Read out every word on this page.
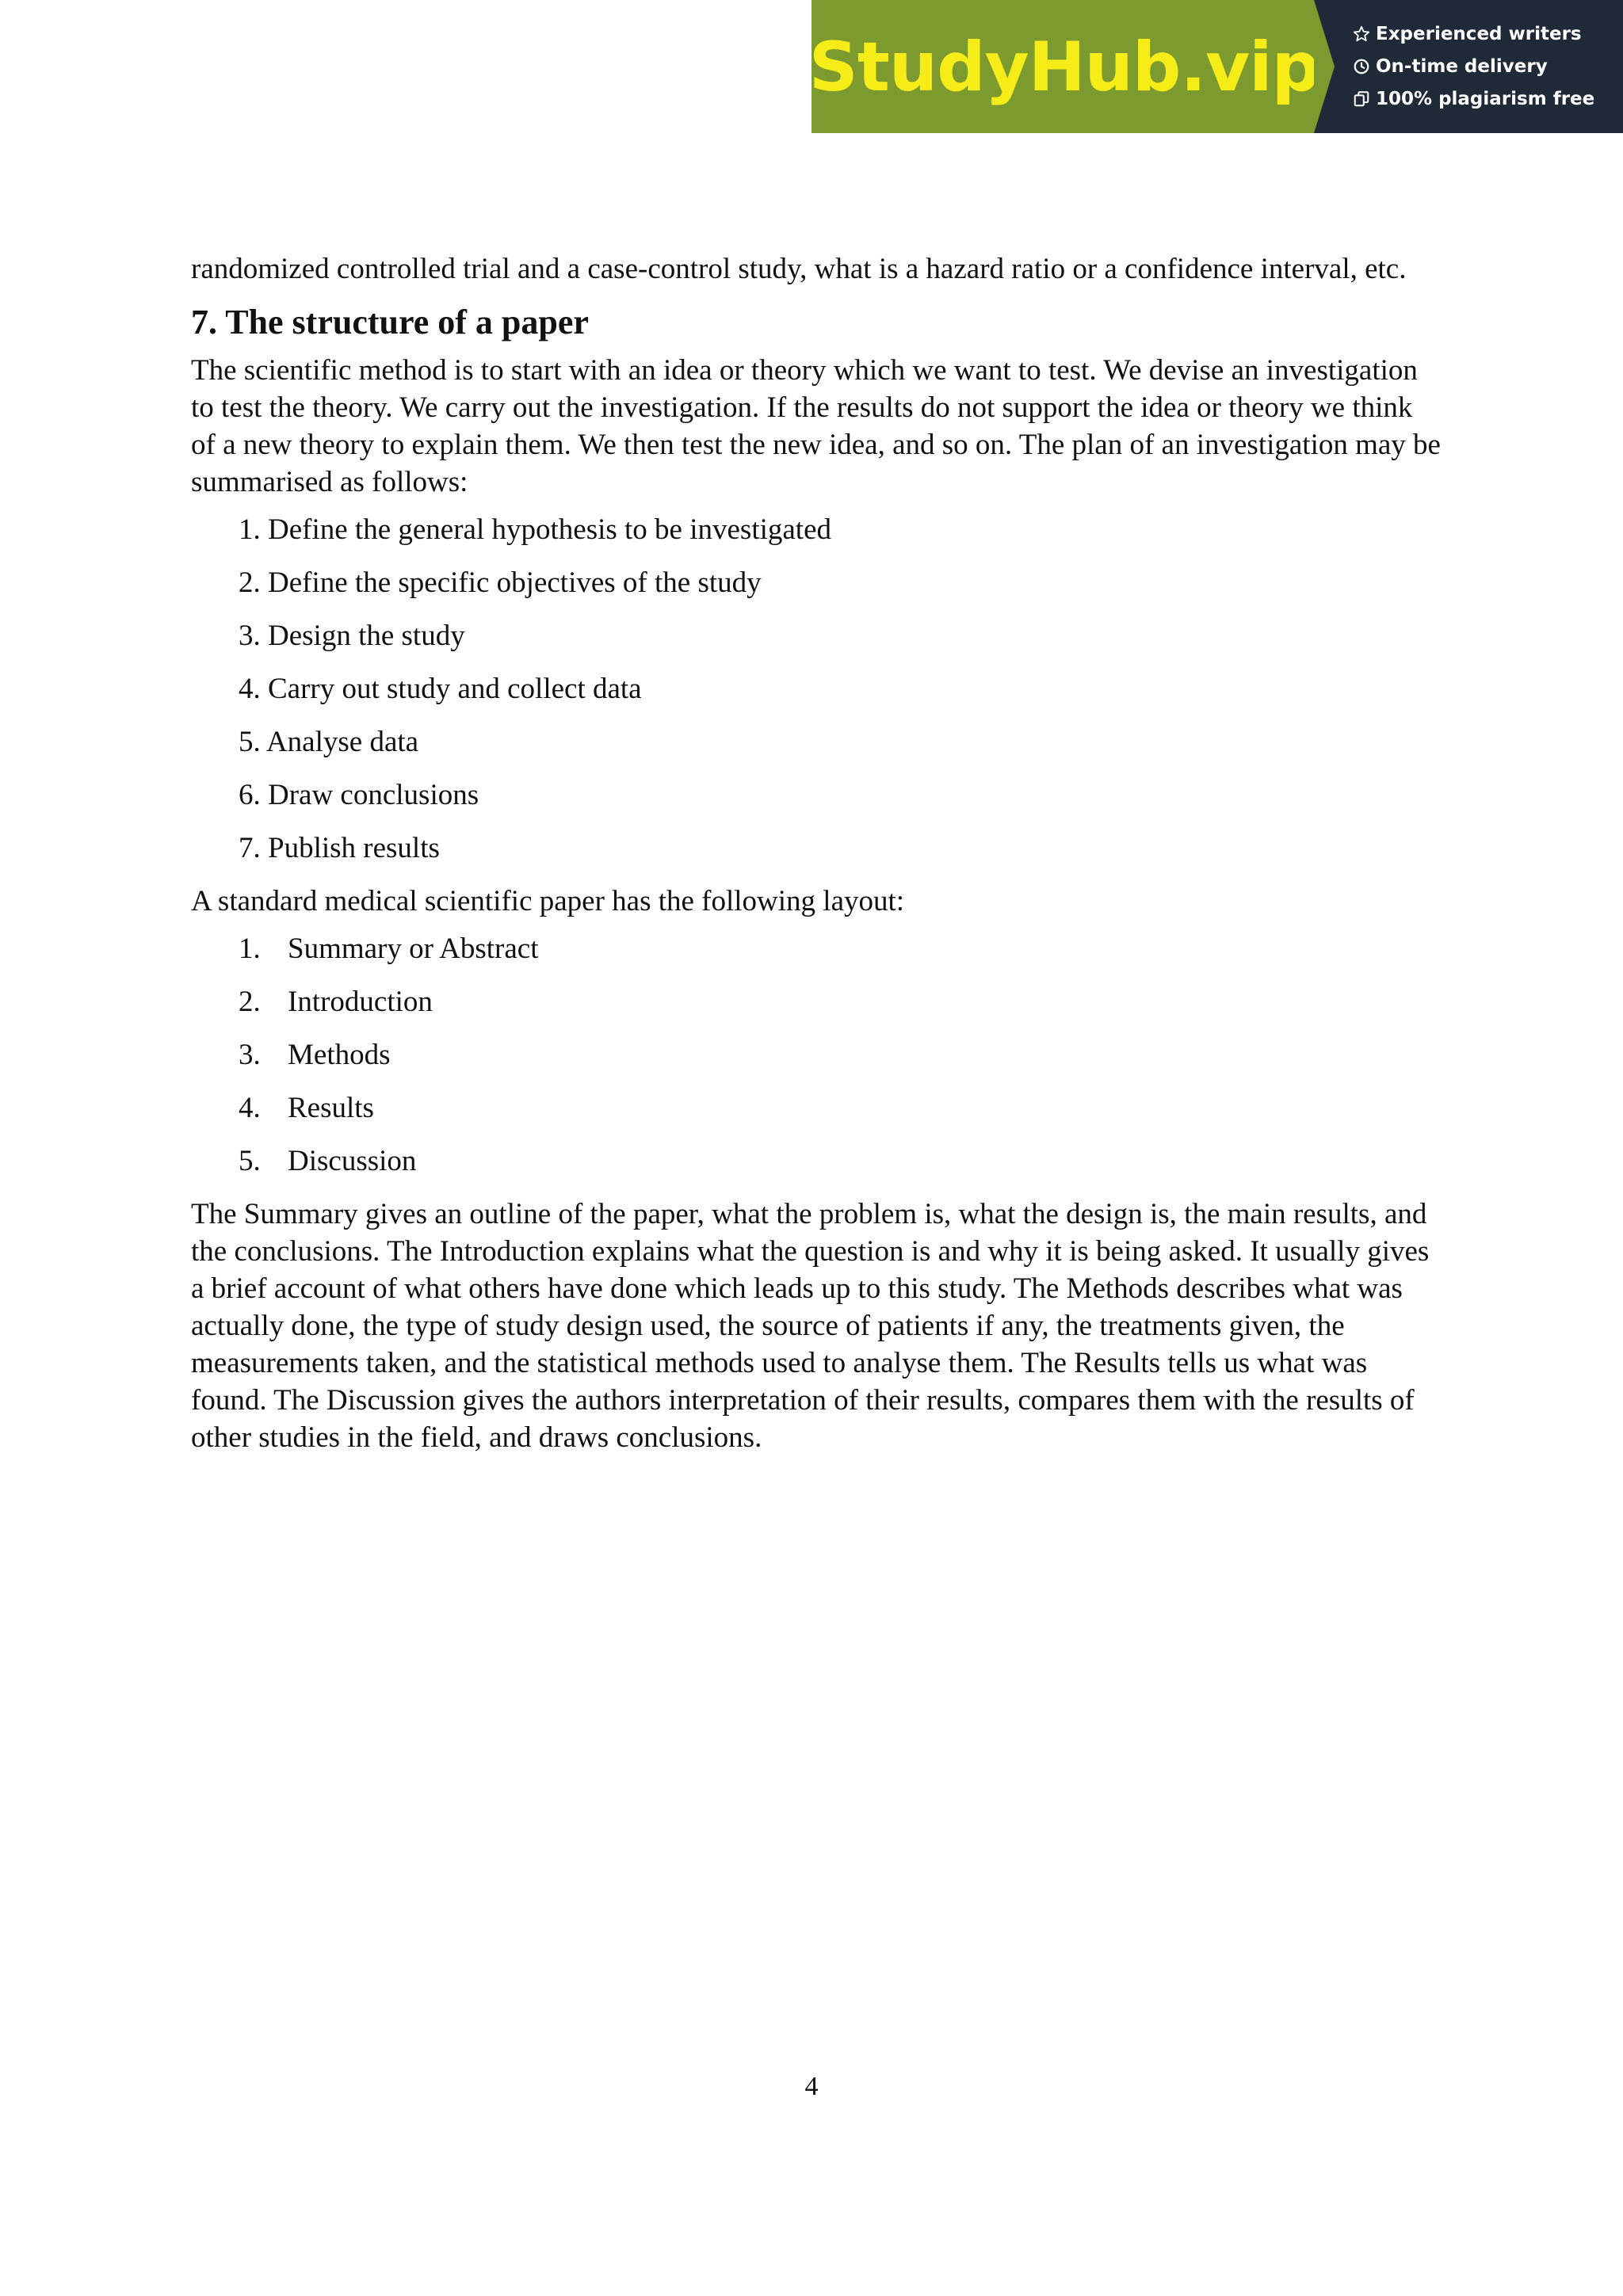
StudyHub.vip	Experienced writers
On-time delivery
100% plagiarism free

randomized controlled trial and a case-control study, what is a hazard ratio or a confidence interval, etc.

7. The structure of a paper

The scientific method is to start with an idea or theory which we want to test. We devise an investigation to test the theory. We carry out the investigation. If the results do not support the idea or theory we think of a new theory to explain them. We then test the new idea, and so on. The plan of an investigation may be summarised as follows:

1. Define the general hypothesis to be investigated
2. Define the specific objectives of the study
3. Design the study
4. Carry out study and collect data
5. Analyse data
6. Draw conclusions
7. Publish results

A standard medical scientific paper has the following layout:

1. Summary or Abstract
2. Introduction
3. Methods
4. Results
5. Discussion

The Summary gives an outline of the paper, what the problem is, what the design is, the main results, and the conclusions. The Introduction explains what the question is and why it is being asked. It usually gives a brief account of what others have done which leads up to this study. The Methods describes what was actually done, the type of study design used, the source of patients if any, the treatments given, the measurements taken, and the statistical methods used to analyse them. The Results tells us what was found. The Discussion gives the authors interpretation of their results, compares them with the results of other studies in the field, and draws conclusions.

4
